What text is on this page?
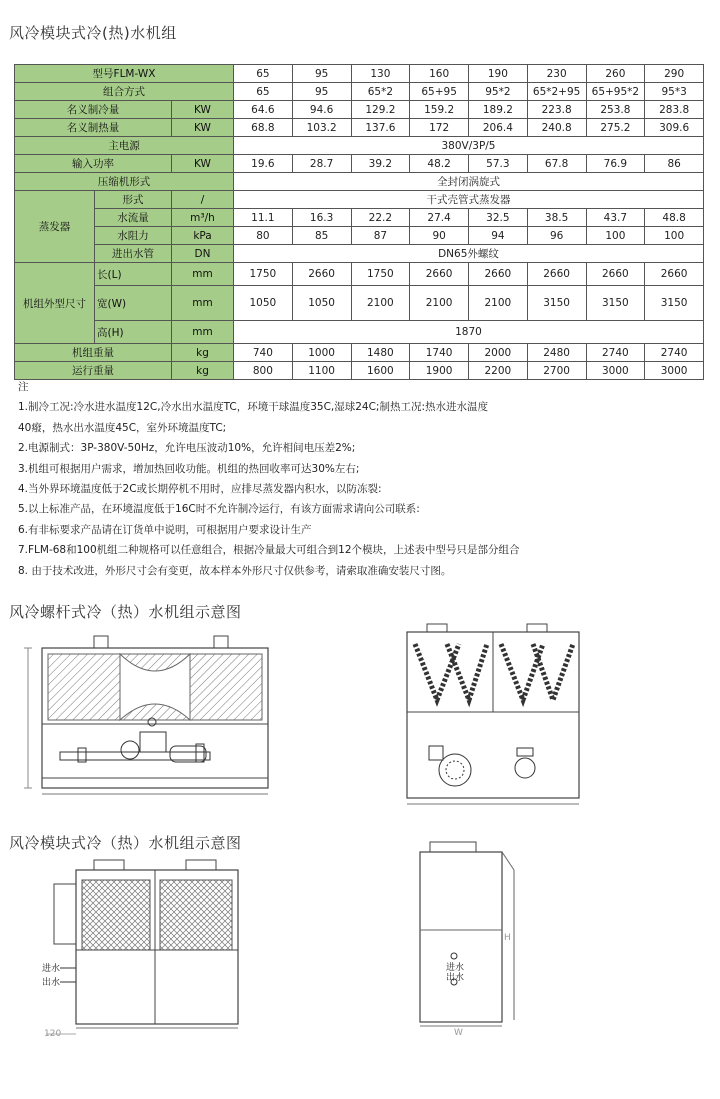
风冷模块式冷(热)水机组
型号FLM-WX			65	95	130	160	190	230	260	290
组合方式			65	95	65*2	65+95	95*2	65*2+95	65+95*2	95*3
名义制冷量		KW	64.6	94.6	129.2	159.2	189.2	223.8	253.8	283.8
名义制热量		KW	68.8	103.2	137.6	172	206.4	240.8	275.2	309.6
主电源			380V/3P/5							
输入功率		KW	19.6	28.7	39.2	48.2	57.3	67.8	76.9	86
压缩机形式			全封闭涡旋式							
蒸发器	形式	/	干式壳管式蒸发器							
	水流量	m³/h	11.1	16.3	22.2	27.4	32.5	38.5	43.7	48.8
	水阻力	kPa	80	85	87	90	94	96	100	100
	进出水管	DN	DN65外螺纹							
机组外型尺寸	长(L)	mm	1750	2660	1750	2660	2660	2660	2660	2660
	宽(W)	mm	1050	1050	2100	2100	2100	3150	3150	3150
	高(H)	mm	1870							
机组重量		kg	740	1000	1480	1740	2000	2480	2740	2740
运行重量		kg	800	1100	1600	1900	2200	2700	3000	3000
注
1.制冷工况:冷水进水温度12C,冷水出水温度TC，环境干球温度35C,湿球24C;制热工况:热水进水温度
40癈，热水出水温度45C，室外环境温度TC;
2.电源制式：3P-380V-50Hz，允许电压波动10%，允许相间电压差2%;
3.机组可根据用户需求，增加热回收功能。机组的热回收率可达30%左右;
4.当外界环境温度低于2C或长期停机不用时，应排尽蒸发器内积水，以防冻裂:
5.以上标准产品，在环境温度低于16C时不允许制冷运行，有该方面需求请向公司联系:
6.有非标要求产品请在订货单中说明，可根据用户要求设计生产
7.FLM-68和100机组二种规格可以任意组合，根据冷量最大可组合到12个模块，上述表中型号只是部分组合
8. 由于技术改进，外形尺寸会有变更，故本样本外形尺寸仅供参考，请索取准确安装尺寸图。
风冷螺杆式冷（热）水机组示意图
风冷模块式冷（热）水机组示意图
进水
出水
120
进水
出水
W
H
